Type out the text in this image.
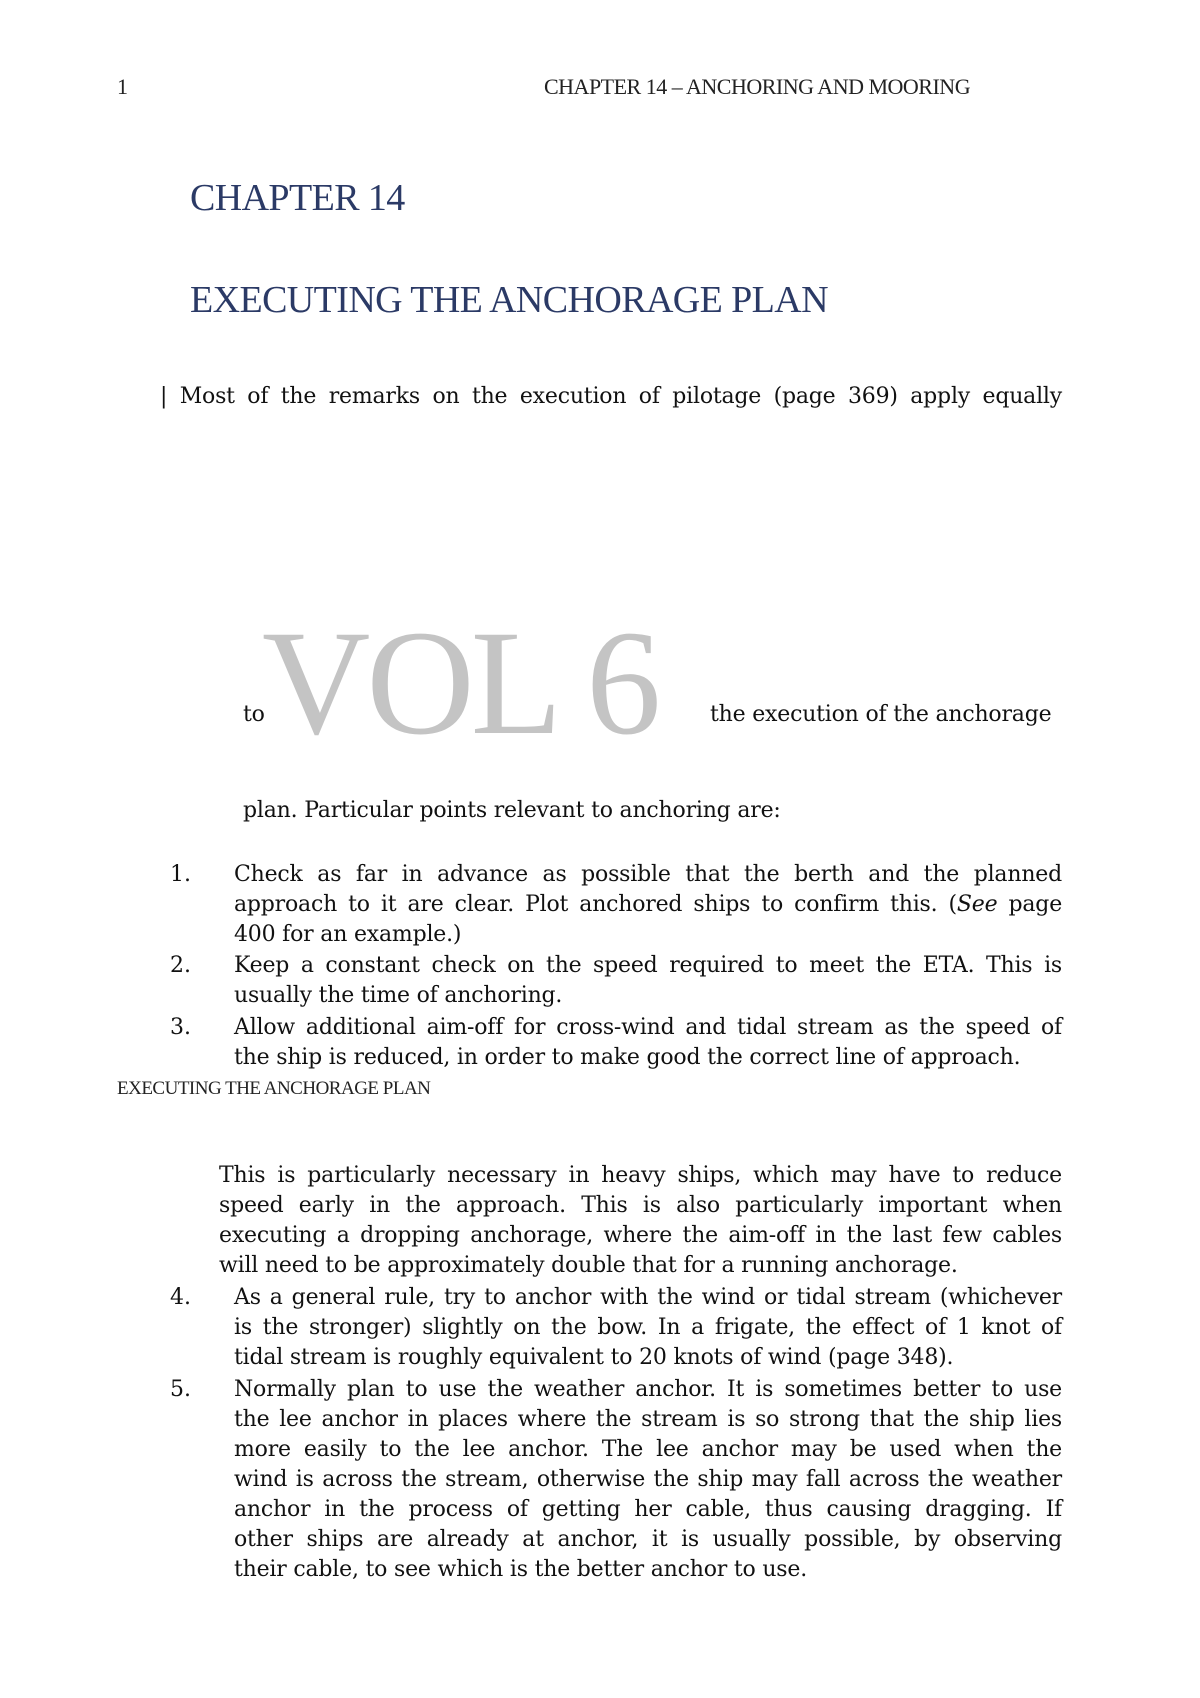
1	CHAPTER 14 – ANCHORING AND MOORING
CHAPTER 14
EXECUTING THE ANCHORAGE PLAN
| Most of the remarks on the execution of pilotage (page 369) apply equally
to
VOL 6 the execution of the anchorage
plan. Particular points relevant to anchoring are:
1. Check as far in advance as possible that the berth and the planned
approach to it are clear. Plot anchored ships to confirm this. (See page
400 for an example.)
2. Keep a constant check on the speed required to meet the ETA. This is
usually the time of anchoring.
3. Allow additional aim-off for cross-wind and tidal stream as the speed of
the ship is reduced, in order to make good the correct line of approach.
EXECUTING THE ANCHORAGE PLAN
This is particularly necessary in heavy ships, which may have to reduce
speed early in the approach. This is also particularly important when
executing a dropping anchorage, where the aim-off in the last few cables
will need to be approximately double that for a running anchorage.
4. As a general rule, try to anchor with the wind or tidal stream (whichever
is the stronger) slightly on the bow. In a frigate, the effect of 1 knot of
tidal stream is roughly equivalent to 20 knots of wind (page 348).
5. Normally plan to use the weather anchor. It is sometimes better to use
the lee anchor in places where the stream is so strong that the ship lies
more easily to the lee anchor. The lee anchor may be used when the
wind is across the stream, otherwise the ship may fall across the weather
anchor in the process of getting her cable, thus causing dragging. If
other ships are already at anchor, it is usually possible, by observing
their cable, to see which is the better anchor to use.
